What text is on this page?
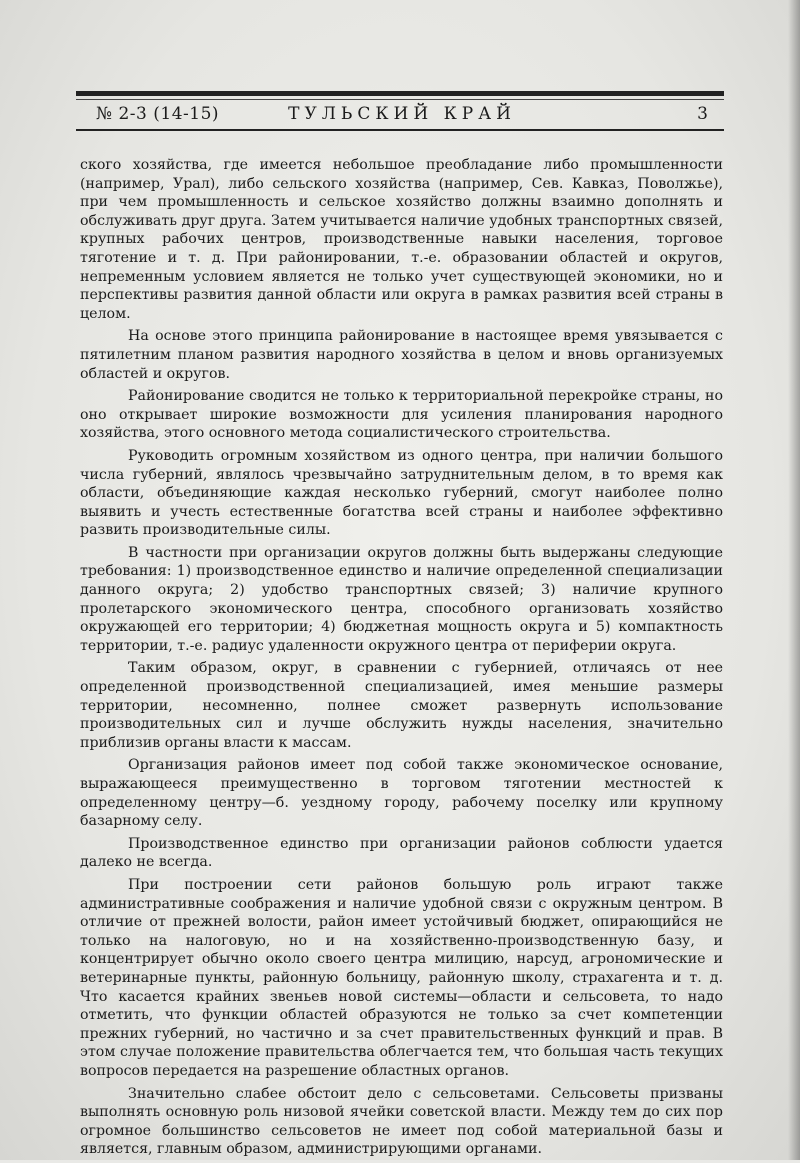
№ 2-3 (14-15)	ТУЛЬСКИЙ КРАЙ	3

ского хозяйства, где имеется небольшое преобладание либо промышленности (например, Урал), либо сельского хозяйства (например, Сев. Кавказ, Поволжье), при чем промышленность и сельское хозяйство должны взаимно дополнять и обслуживать друг друга. Затем учитывается наличие удобных транспортных связей, крупных рабочих центров, производственные навыки населения, торговое тяготение и т. д. При районировании, т.-е. образовании областей и округов, непременным условием является не только учет существующей экономики, но и перспективы развития данной области или округа в рамках развития всей страны в целом.

На основе этого принципа районирование в настоящее время увязывается с пятилетним планом развития народного хозяйства в целом и вновь организуемых областей и округов.

Районирование сводится не только к территориальной перекройке страны, но оно открывает широкие возможности для усиления планирования народного хозяйства, этого основного метода социалистического строительства.

Руководить огромным хозяйством из одного центра, при наличии большого числа губерний, являлось чрезвычайно затруднительным делом, в то время как области, объединяющие каждая несколько губерний, смогут наиболее полно выявить и учесть естественные богатства всей страны и наиболее эффективно развить производительные силы.

В частности при организации округов должны быть выдержаны следующие требования: 1) производственное единство и наличие определенной специализации данного округа; 2) удобство транспортных связей; 3) наличие крупного пролетарского экономического центра, способного организовать хозяйство окружающей его территории; 4) бюджетная мощность округа и 5) компактность территории, т.-е. радиус удаленности окружного центра от периферии округа.

Таким образом, округ, в сравнении с губернией, отличаясь от нее определенной производственной специализацией, имея меньшие размеры территории, несомненно, полнее сможет развернуть использование производительных сил и лучше обслужить нужды населения, значительно приблизив органы власти к массам.

Организация районов имеет под собой также экономическое основание, выражающееся преимущественно в торговом тяготении местностей к определенному центру—б. уездному городу, рабочему поселку или крупному базарному селу.

Производственное единство при организации районов соблюсти удается далеко не всегда.

При построении сети районов большую роль играют также административные соображения и наличие удобной связи с окружным центром. В отличие от прежней волости, район имеет устойчивый бюджет, опирающийся не только на налоговую, но и на хозяйственно-производственную базу, и концентрирует обычно около своего центра милицию, нарсуд, агрономические и ветеринарные пункты, районную больницу, районную школу, страхагента и т. д. Что касается крайних звеньев новой системы—области и сельсовета, то надо отметить, что функции областей образуются не только за счет компетенции прежних губерний, но частично и за счет правительственных функций и прав. В этом случае положение правительства облегчается тем, что большая часть текущих вопросов передается на разрешение областных органов.

Значительно слабее обстоит дело с сельсоветами. Сельсоветы призваны выполнять основную роль низовой ячейки советской власти. Между тем до сих пор огромное большинство сельсоветов не имеет под собой материальной базы и является, главным образом, администрирующими органами.
